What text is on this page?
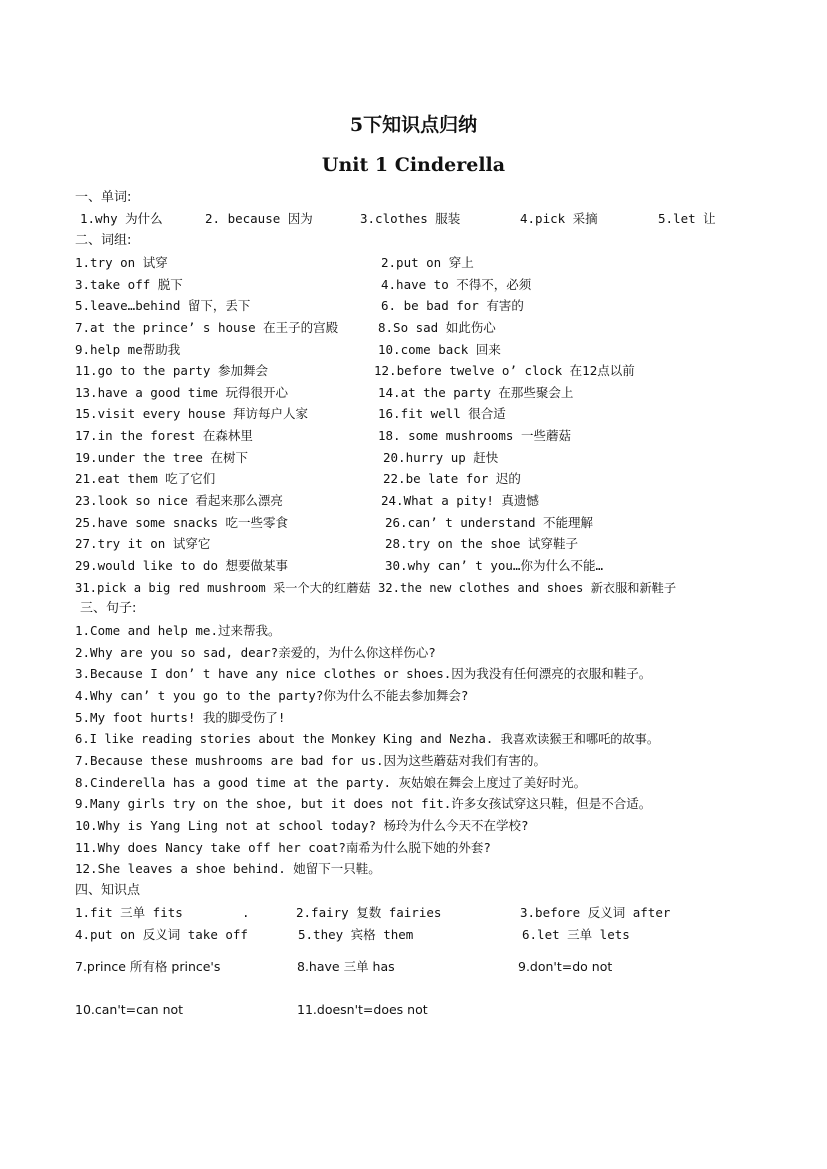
5下知识点归纳
Unit 1 Cinderella
一、单词:
1.why 为什么	2. because 因为	3.clothes 服装	4.pick 采摘	5.let 让
二、词组:
1.try on 试穿	2.put on 穿上
3.take off 脱下	4.have to 不得不，必须
5.leave…behind 留下，丢下	6. be bad for 有害的
7.at the prince’ s house 在王子的宫殿	8.So sad 如此伤心
9.help me帮助我	10.come back 回来
11.go to the party 参加舞会	12.before twelve o’ clock 在12点以前
13.have a good time 玩得很开心	14.at the party 在那些聚会上
15.visit every house 拜访每户人家	16.fit well 很合适
17.in the forest 在森林里	18. some mushrooms 一些蘑菇
19.under the tree 在树下	20.hurry up 赶快
21.eat them 吃了它们	22.be late for 迟的
23.look so nice 看起来那么漂亮	24.What a pity! 真遗憾
25.have some snacks 吃一些零食	26.can’ t understand 不能理解
27.try it on 试穿它	28.try on the shoe 试穿鞋子
29.would like to do 想要做某事	30.why can’ t you…你为什么不能…
31.pick a big red mushroom 采一个大的红蘑菇 32.the new clothes and shoes 新衣服和新鞋子
三、句子:
1.Come and help me.过来帮我。
2.Why are you so sad, dear?亲爱的，为什么你这样伤心?
3.Because I don’ t have any nice clothes or shoes.因为我没有任何漂亮的衣服和鞋子。
4.Why can’ t you go to the party?你为什么不能去参加舞会?
5.My foot hurts! 我的脚受伤了!
6.I like reading stories about the Monkey King and Nezha. 我喜欢读猴王和哪吒的故事。
7.Because these mushrooms are bad for us.因为这些蘑菇对我们有害的。
8.Cinderella has a good time at the party. 灰姑娘在舞会上度过了美好时光。
9.Many girls try on the shoe, but it does not fit.许多女孩试穿这只鞋，但是不合适。
10.Why is Yang Ling not at school today? 杨玲为什么今天不在学校?
11.Why does Nancy take off her coat?南希为什么脱下她的外套?
12.She leaves a shoe behind. 她留下一只鞋。
四、知识点
1.fit 三单 fits	.	2.fairy 复数 fairies	3.before 反义词 after
4.put on 反义词 take off	5.they 宾格 them	6.let 三单 lets
7.prince 所有格 prince's	8.have 三单 has	9.don't=do not
10.can't=can not	11.doesn't=does not
